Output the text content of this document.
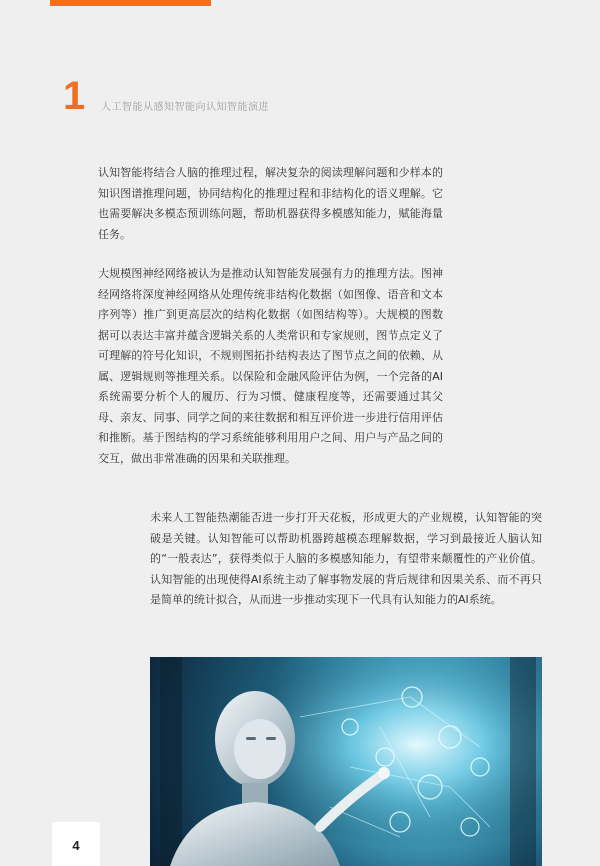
1 人工智能从感知智能向认知智能演进

认知智能将结合人脑的推理过程，解决复杂的阅读理解问题和少样本的知识图谱推理问题，协同结构化的推理过程和非结构化的语义理解。它也需要解决多模态预训练问题，帮助机器获得多模感知能力，赋能海量任务。

大规模图神经网络被认为是推动认知智能发展强有力的推理方法。图神经网络将深度神经网络从处理传统非结构化数据（如图像、语音和文本序列等）推广到更高层次的结构化数据（如图结构等）。大规模的图数据可以表达丰富并蕴含逻辑关系的人类常识和专家规则，图节点定义了可理解的符号化知识，不规则图拓扑结构表达了图节点之间的依赖、从属、逻辑规则等推理关系。以保险和金融风险评估为例，一个完备的AI系统需要分析个人的履历、行为习惯、健康程度等，还需要通过其父母、亲友、同事、同学之间的来往数据和相互评价进一步进行信用评估和推断。基于图结构的学习系统能够利用用户之间、用户与产品之间的交互，做出非常准确的因果和关联推理。

未来人工智能热潮能否进一步打开天花板，形成更大的产业规模，认知智能的突破是关键。认知智能可以帮助机器跨越模态理解数据，学习到最接近人脑认知的“一般表达”，获得类似于人脑的多模感知能力，有望带来颠覆性的产业价值。认知智能的出现使得AI系统主动了解事物发展的背后规律和因果关系、而不再只是简单的统计拟合，从而进一步推动实现下一代具有认知能力的AI系统。

4
